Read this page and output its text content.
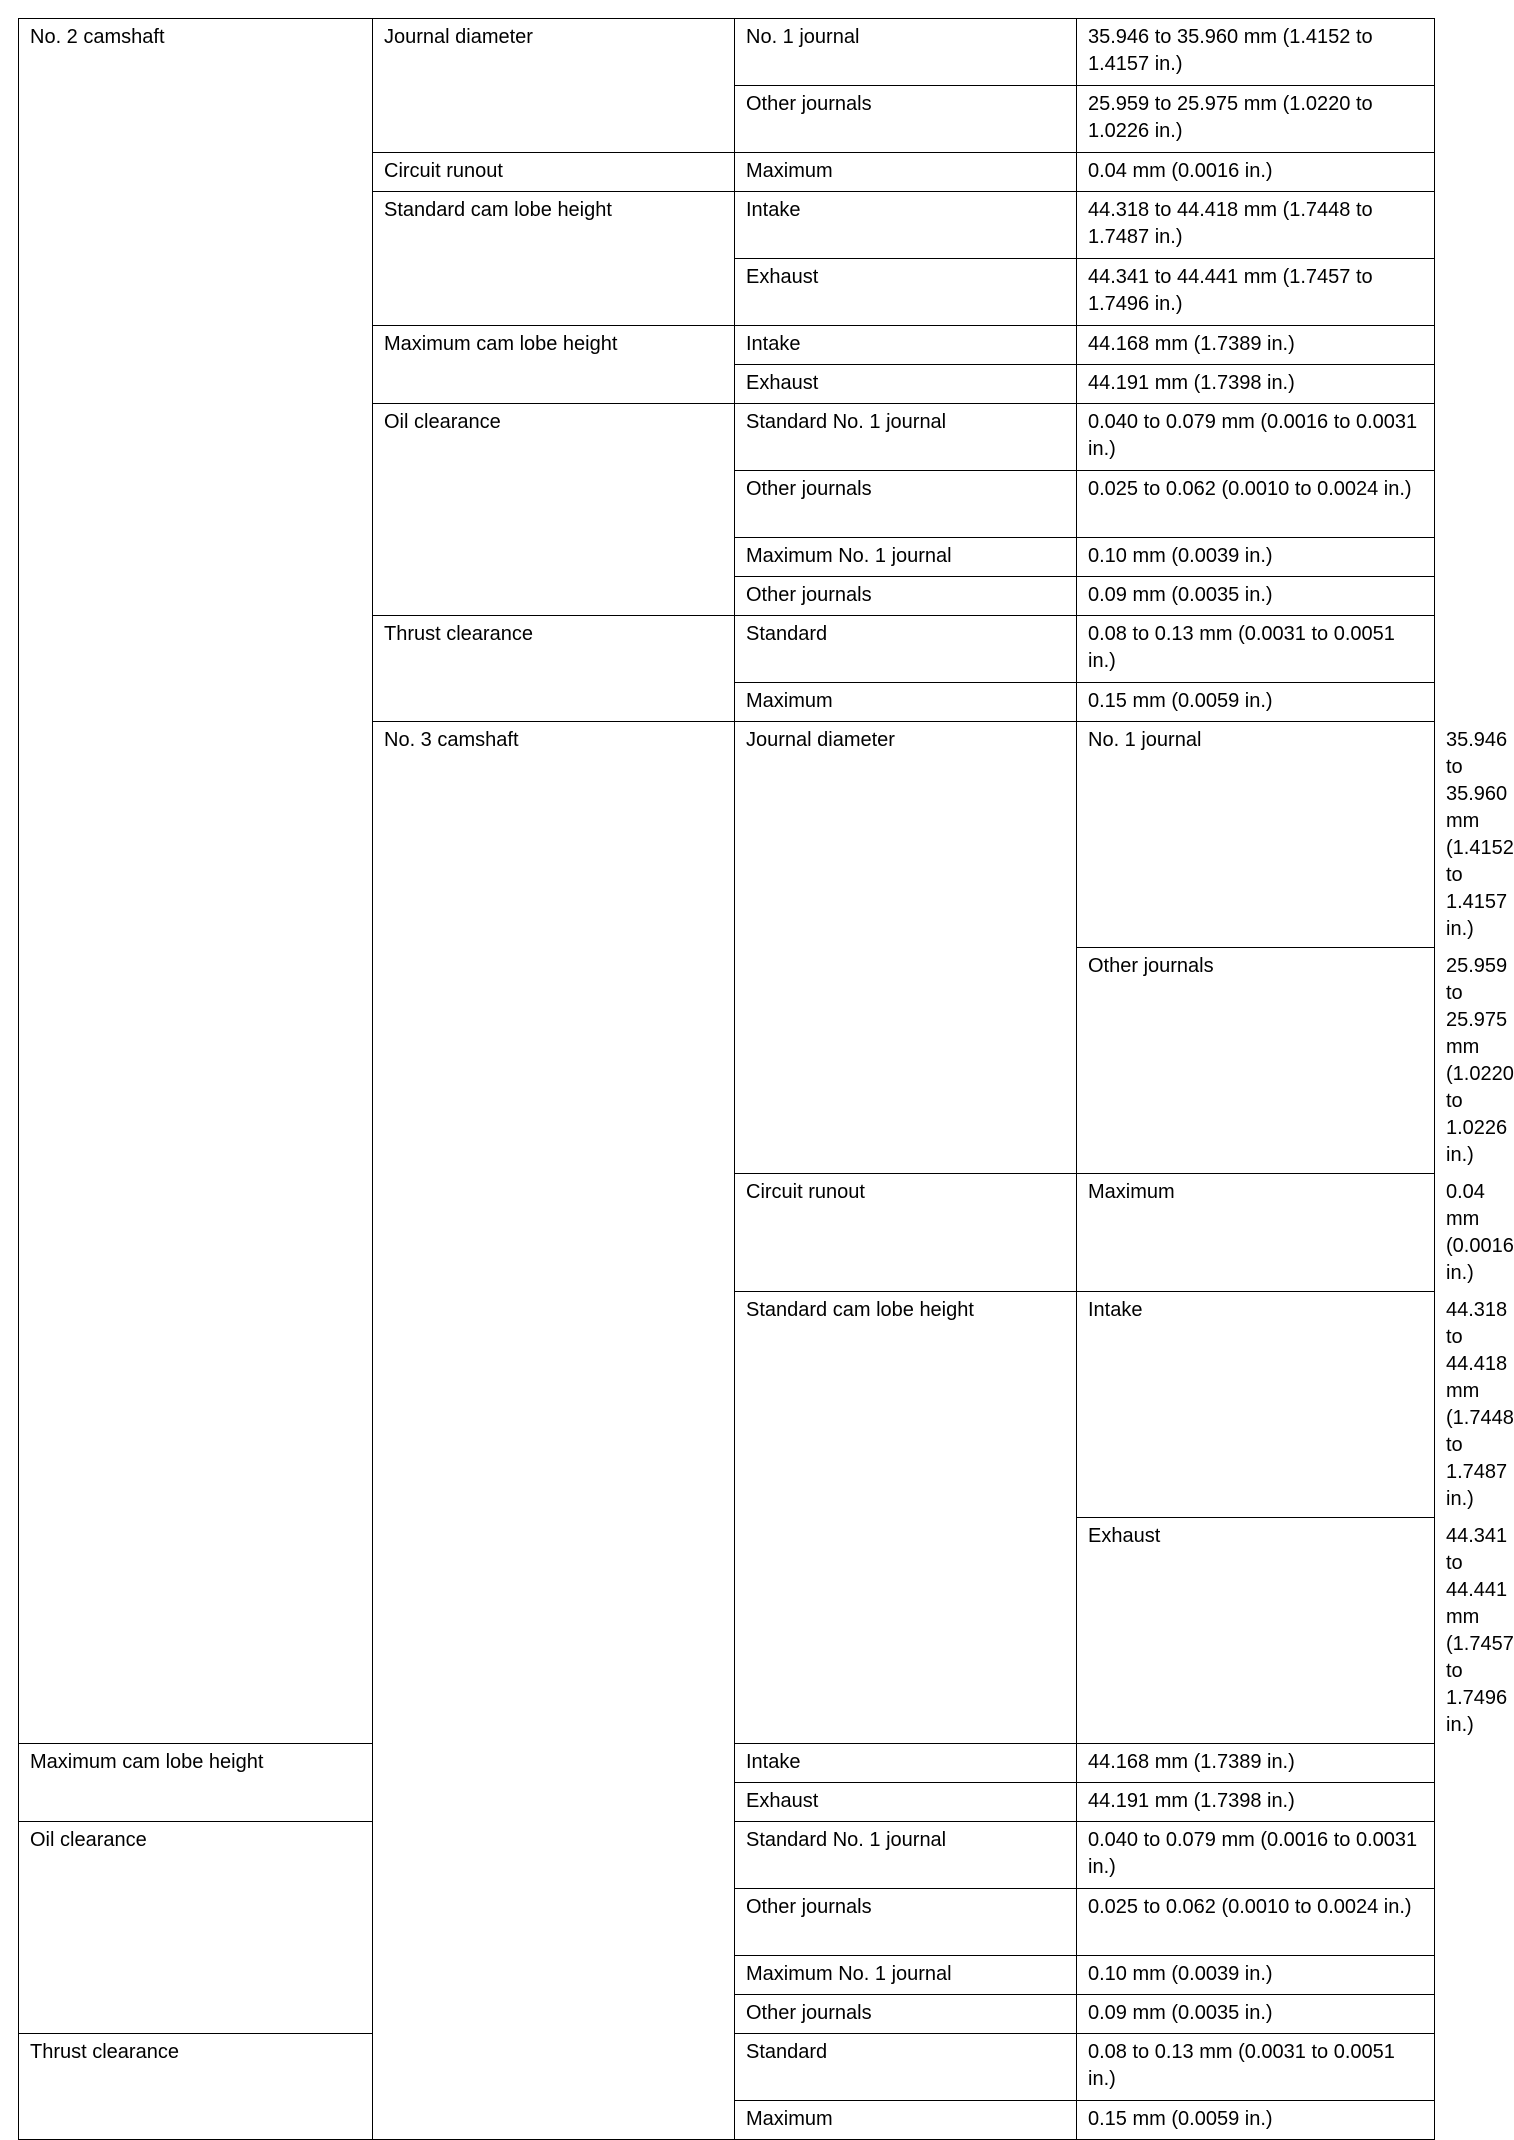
No. 2 camshaft	Journal diameter	No. 1 journal	35.946 to 35.960 mm (1.4152 to 1.4157 in.)	
		Other journals	25.959 to 25.975 mm (1.0220 to 1.0226 in.)	
	Circuit runout	Maximum	0.04 mm (0.0016 in.)	
	Standard cam lobe height	Intake	44.318 to 44.418 mm (1.7448 to 1.7487 in.)	
		Exhaust	44.341 to 44.441 mm (1.7457 to 1.7496 in.)	
	Maximum cam lobe height	Intake	44.168 mm (1.7389 in.)	
		Exhaust	44.191 mm (1.7398 in.)	
	Oil clearance	Standard No. 1 journal	0.040 to 0.079 mm (0.0016 to 0.0031 in.)	
		Other journals	0.025 to 0.062 (0.0010 to 0.0024 in.)	
		Maximum No. 1 journal	0.10 mm (0.0039 in.)	
		Other journals	0.09 mm (0.0035 in.)	
	Thrust clearance	Standard	0.08 to 0.13 mm (0.0031 to 0.0051 in.)	
		Maximum	0.15 mm (0.0059 in.)	
	No. 3 camshaft	Journal diameter	No. 1 journal	35.946 to 35.960 mm (1.4152 to 1.4157 in.)
			Other journals	25.959 to 25.975 mm (1.0220 to 1.0226 in.)
		Circuit runout	Maximum	0.04 mm (0.0016 in.)
		Standard cam lobe height	Intake	44.318 to 44.418 mm (1.7448 to 1.7487 in.)
			Exhaust	44.341 to 44.441 mm (1.7457 to 1.7496 in.)
Maximum cam lobe height		Intake	44.168 mm (1.7389 in.)	
		Exhaust	44.191 mm (1.7398 in.)	
Oil clearance		Standard No. 1 journal	0.040 to 0.079 mm (0.0016 to 0.0031 in.)	
		Other journals	0.025 to 0.062 (0.0010 to 0.0024 in.)	
		Maximum No. 1 journal	0.10 mm (0.0039 in.)	
		Other journals	0.09 mm (0.0035 in.)	
Thrust clearance		Standard	0.08 to 0.13 mm (0.0031 to 0.0051 in.)	
		Maximum	0.15 mm (0.0059 in.)	
